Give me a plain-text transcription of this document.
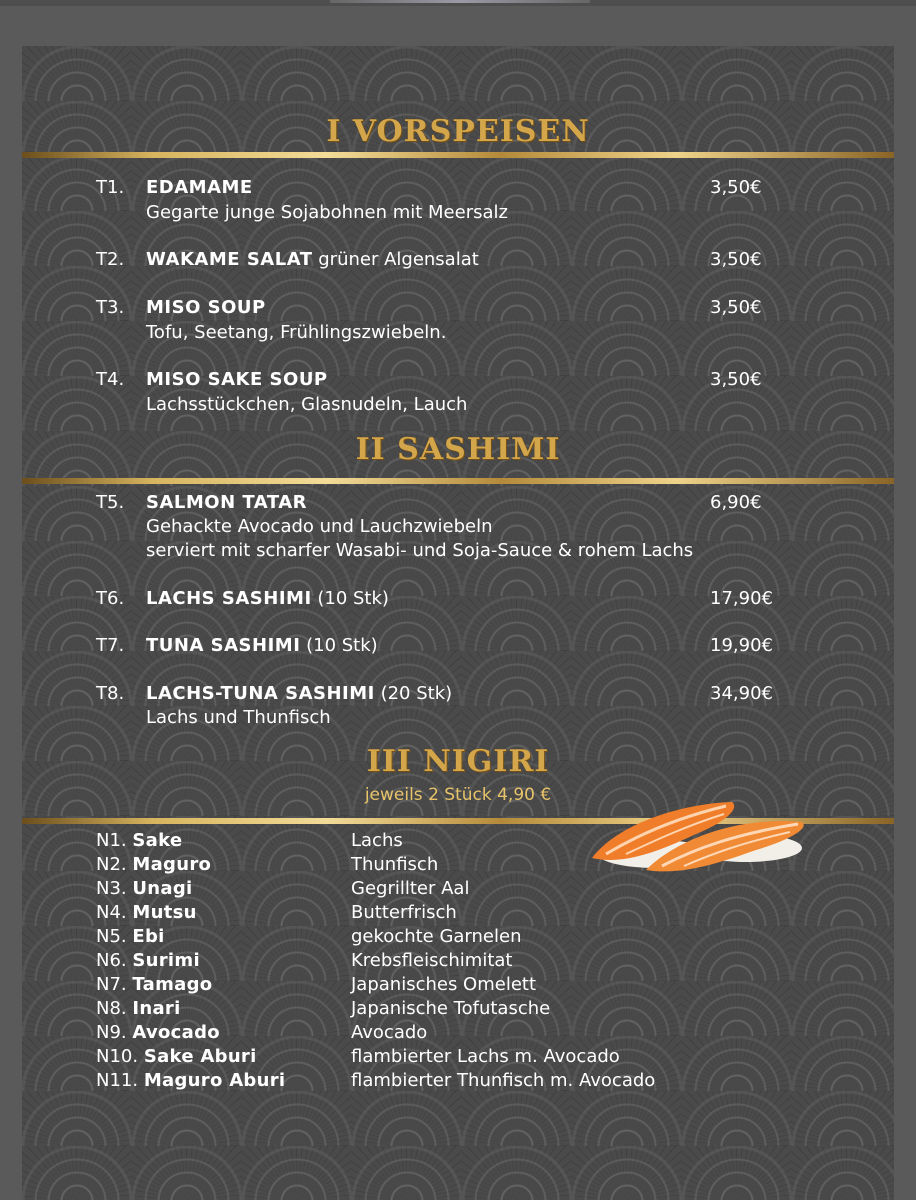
I VORSPEISEN
T1.	EDAMAME	3,50€
Gegarte junge Sojabohnen mit Meersalz
T2.	WAKAME SALAT grüner Algensalat	3,50€
T3.	MISO SOUP	3,50€
Tofu, Seetang, Frühlingszwiebeln.
T4.	MISO SAKE SOUP	3,50€
Lachsstückchen, Glasnudeln, Lauch
II SASHIMI
T5.	SALMON TATAR	6,90€
Gehackte Avocado und Lauchzwiebeln
serviert mit scharfer Wasabi- und Soja-Sauce & rohem Lachs
T6.	LACHS SASHIMI (10 Stk)	17,90€
T7.	TUNA SASHIMI (10 Stk)	19,90€
T8.	LACHS-TUNA SASHIMI (20 Stk)	34,90€
Lachs und Thunfisch
III NIGIRI
jeweils 2 Stück 4,90 €
N1. Sake	Lachs
N2. Maguro	Thunfisch
N3. Unagi	Gegrillter Aal
N4. Mutsu	Butterfrisch
N5. Ebi	gekochte Garnelen
N6. Surimi	Krebsfleischimitat
N7. Tamago	Japanisches Omelett
N8. Inari	Japanische Tofutasche
N9. Avocado	Avocado
N10. Sake Aburi	flambierter Lachs m. Avocado
N11. Maguro Aburi	flambierter Thunfisch m. Avocado
